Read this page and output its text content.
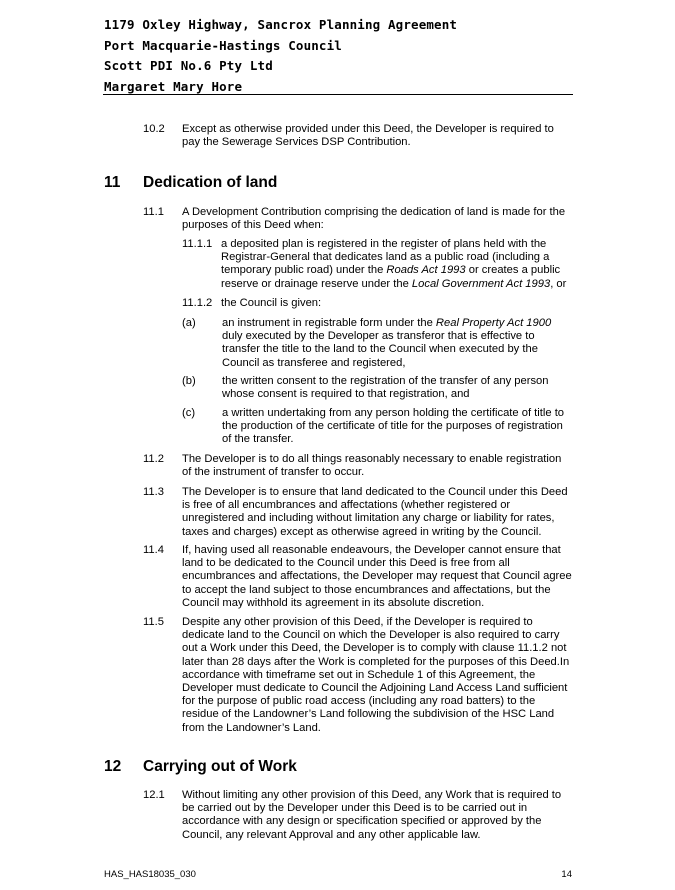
1179 Oxley Highway, Sancrox Planning Agreement
Port Macquarie-Hastings Council
Scott PDI No.6 Pty Ltd
Margaret Mary Hore
10.2 Except as otherwise provided under this Deed, the Developer is required to pay the Sewerage Services DSP Contribution.
11 Dedication of land
11.1 A Development Contribution comprising the dedication of land is made for the purposes of this Deed when:
11.1.1 a deposited plan is registered in the register of plans held with the Registrar-General that dedicates land as a public road (including a temporary public road) under the Roads Act 1993 or creates a public reserve or drainage reserve under the Local Government Act 1993, or
11.1.2 the Council is given:
(a) an instrument in registrable form under the Real Property Act 1900 duly executed by the Developer as transferor that is effective to transfer the title to the land to the Council when executed by the Council as transferee and registered,
(b) the written consent to the registration of the transfer of any person whose consent is required to that registration, and
(c) a written undertaking from any person holding the certificate of title to the production of the certificate of title for the purposes of registration of the transfer.
11.2 The Developer is to do all things reasonably necessary to enable registration of the instrument of transfer to occur.
11.3 The Developer is to ensure that land dedicated to the Council under this Deed is free of all encumbrances and affectations (whether registered or unregistered and including without limitation any charge or liability for rates, taxes and charges) except as otherwise agreed in writing by the Council.
11.4 If, having used all reasonable endeavours, the Developer cannot ensure that land to be dedicated to the Council under this Deed is free from all encumbrances and affectations, the Developer may request that Council agree to accept the land subject to those encumbrances and affectations, but the Council may withhold its agreement in its absolute discretion.
11.5 Despite any other provision of this Deed, if the Developer is required to dedicate land to the Council on which the Developer is also required to carry out a Work under this Deed, the Developer is to comply with clause 11.1.2 not later than 28 days after the Work is completed for the purposes of this Deed.In accordance with timeframe set out in Schedule 1 of this Agreement, the Developer must dedicate to Council the Adjoining Land Access Land sufficient for the purpose of public road access (including any road batters) to the residue of the Landowner’s Land following the subdivision of the HSC Land from the Landowner’s Land.
12 Carrying out of Work
12.1 Without limiting any other provision of this Deed, any Work that is required to be carried out by the Developer under this Deed is to be carried out in accordance with any design or specification specified or approved by the Council, any relevant Approval and any other applicable law.
HAS_HAS18035_030	14
